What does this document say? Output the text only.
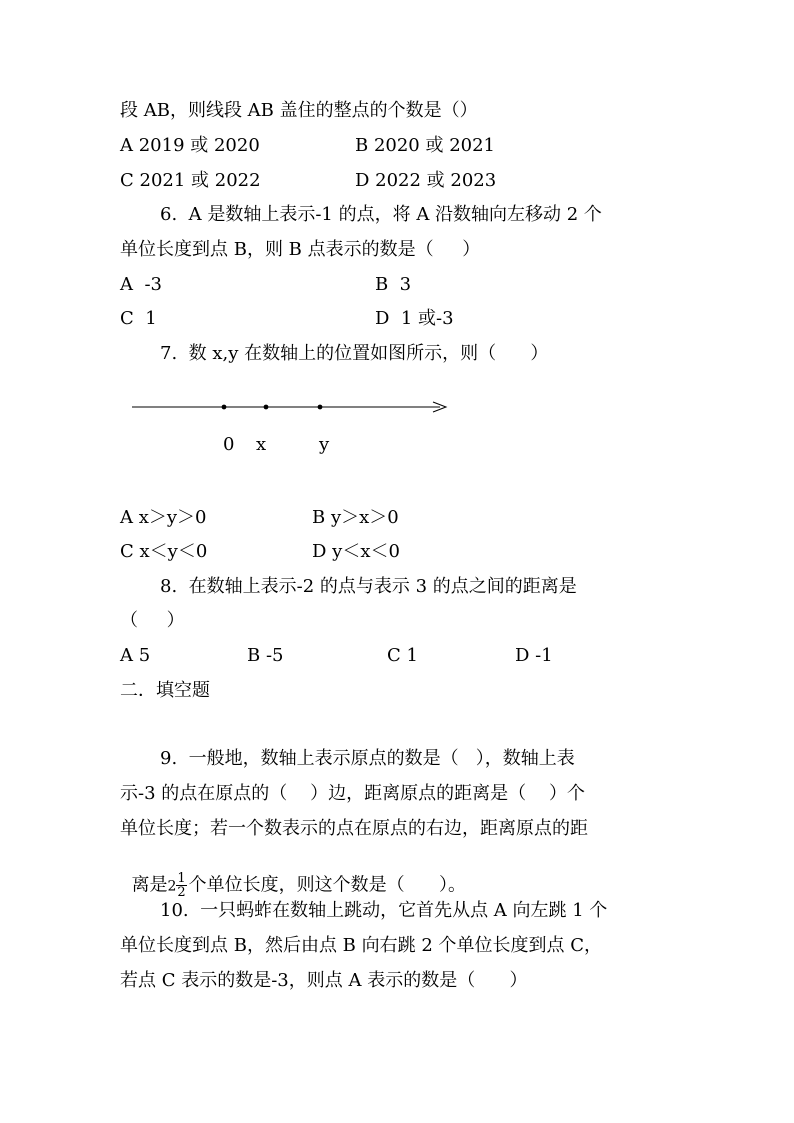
段 AB，则线段 AB 盖住的整点的个数是（）
A 2019 或 2020	B 2020 或 2021
C 2021 或 2022	D 2022 或 2023
6.  A 是数轴上表示-1 的点，将 A 沿数轴向左移动 2 个
单位长度到点 B，则 B 点表示的数是（     ）
A  -3	B  3
C  1	D  1 或-3
7.  数 x,y 在数轴上的位置如图所示，则（      ）
0 x	y
A x＞y＞0	B y＞x＞0
C x＜y＜0	D y＜x＜0
8.  在数轴上表示-2 的点与表示 3 的点之间的距离是
（     ）
A 5	B -5	C 1	D -1
二．填空题
9.  一般地，数轴上表示原点的数是（   ），数轴上表
示-3 的点在原点的（    ）边，距离原点的距离是（    ）个
单位长度；若一个数表示的点在原点的右边，距离原点的距

离是$2 \frac{1}{2}$ 个单位长度，则这个数是（      ）。

10.  一只蚂蚱在数轴上跳动，它首先从点 A 向左跳 1 个
单位长度到点 B，然后由点 B 向右跳 2 个单位长度到点 C，
若点 C 表示的数是-3，则点 A 表示的数是（      ）
